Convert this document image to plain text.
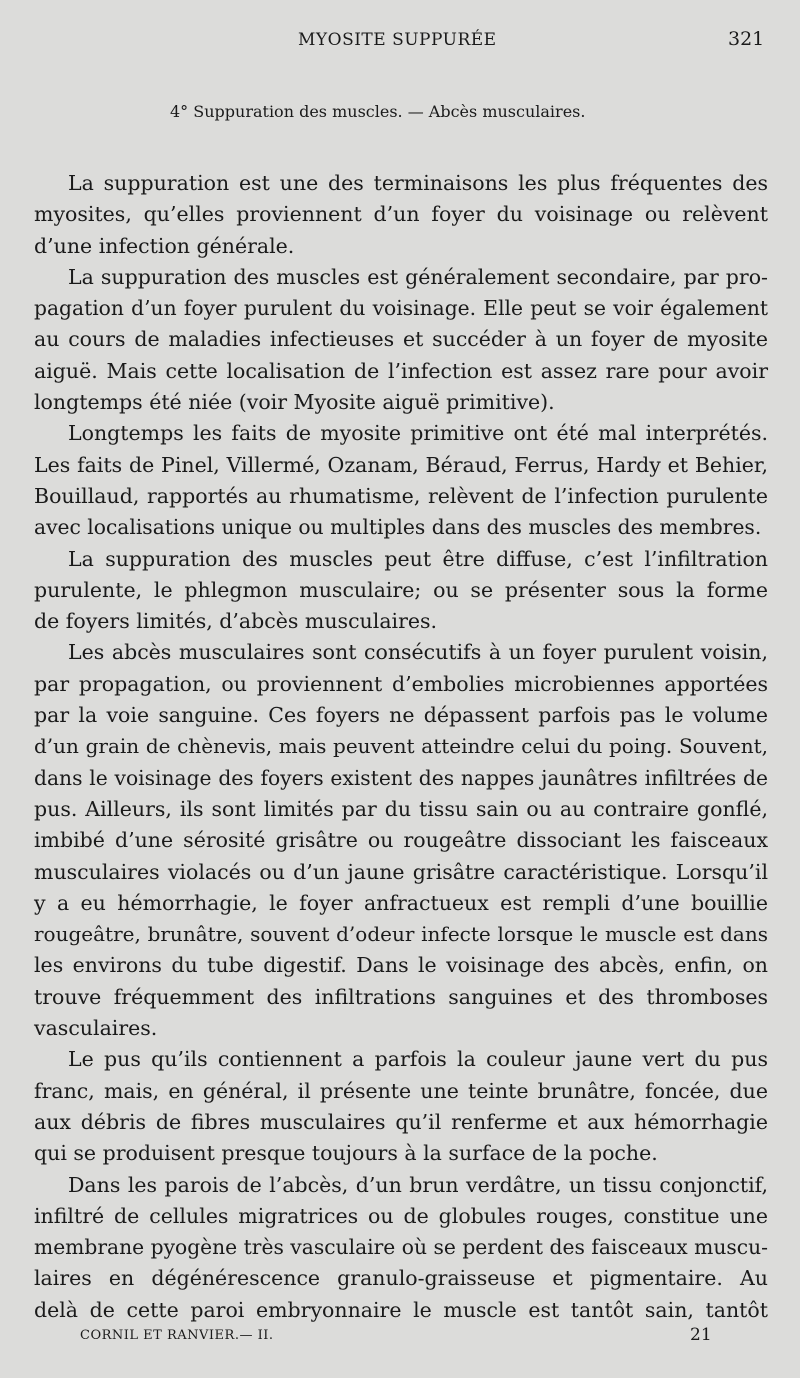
MYOSITE SUPPURÉE	321
4° Suppuration des muscles. — Abcès musculaires.
La suppuration est une des terminaisons les plus fréquentes des
myosites, qu’elles proviennent d’un foyer du voisinage ou relèvent
d’une infection générale.
La suppuration des muscles est généralement secondaire, par pro-
pagation d’un foyer purulent du voisinage. Elle peut se voir également
au cours de maladies infectieuses et succéder à un foyer de myosite
aiguë. Mais cette localisation de l’infection est assez rare pour avoir
longtemps été niée (voir Myosite aiguë primitive).
Longtemps les faits de myosite primitive ont été mal interprétés.
Les faits de Pinel, Villermé, Ozanam, Béraud, Ferrus, Hardy et Behier,
Bouillaud, rapportés au rhumatisme, relèvent de l’infection purulente
avec localisations unique ou multiples dans des muscles des membres.
La suppuration des muscles peut être diffuse, c’est l’infiltration
purulente, le phlegmon musculaire; ou se présenter sous la forme
de foyers limités, d’abcès musculaires.
Les abcès musculaires sont consécutifs à un foyer purulent voisin,
par propagation, ou proviennent d’embolies microbiennes apportées
par la voie sanguine. Ces foyers ne dépassent parfois pas le volume
d’un grain de chènevis, mais peuvent atteindre celui du poing. Souvent,
dans le voisinage des foyers existent des nappes jaunâtres infiltrées de
pus. Ailleurs, ils sont limités par du tissu sain ou au contraire gonflé,
imbibé d’une sérosité grisâtre ou rougeâtre dissociant les faisceaux
musculaires violacés ou d’un jaune grisâtre caractéristique. Lorsqu’il
y a eu hémorrhagie, le foyer anfractueux est rempli d’une bouillie
rougeâtre, brunâtre, souvent d’odeur infecte lorsque le muscle est dans
les environs du tube digestif. Dans le voisinage des abcès, enfin, on
trouve fréquemment des infiltrations sanguines et des thromboses
vasculaires.
Le pus qu’ils contiennent a parfois la couleur jaune vert du pus
franc, mais, en général, il présente une teinte brunâtre, foncée, due
aux débris de fibres musculaires qu’il renferme et aux hémorrhagie
qui se produisent presque toujours à la surface de la poche.
Dans les parois de l’abcès, d’un brun verdâtre, un tissu conjonctif,
infiltré de cellules migratrices ou de globules rouges, constitue une
membrane pyogène très vasculaire où se perdent des faisceaux muscu-
laires en dégénérescence granulo-graisseuse et pigmentaire. Au
delà de cette paroi embryonnaire le muscle est tantôt sain, tantôt
CORNIL ET RANVIER.— II.	21
